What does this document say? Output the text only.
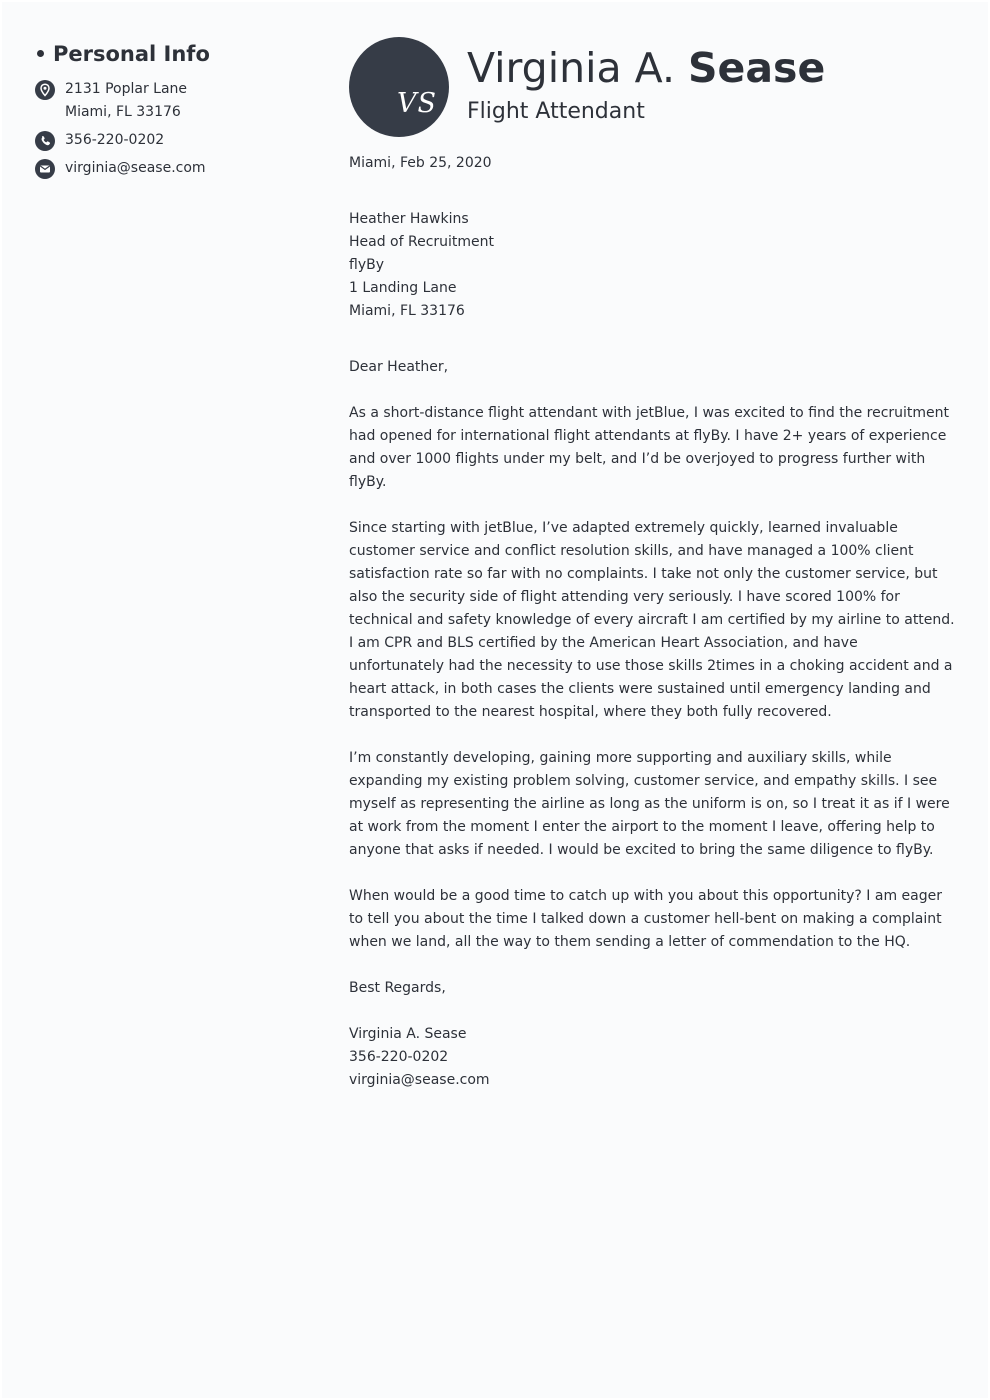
Personal Info
2131 Poplar Lane
Miami, FL 33176
356-220-0202
virginia@sease.com
VS
Virginia A. Sease
Flight Attendant
Miami, Feb 25, 2020
Heather Hawkins
Head of Recruitment
flyBy
1 Landing Lane
Miami, FL 33176
Dear Heather,

As a short-distance flight attendant with jetBlue, I was excited to find the recruitment had opened for international flight attendants at flyBy. I have 2+ years of experience and over 1000 flights under my belt, and I’d be overjoyed to progress further with flyBy.

Since starting with jetBlue, I’ve adapted extremely quickly, learned invaluable customer service and conflict resolution skills, and have managed a 100% client satisfaction rate so far with no complaints. I take not only the customer service, but also the security side of flight attending very seriously. I have scored 100% for technical and safety knowledge of every aircraft I am certified by my airline to attend. I am CPR and BLS certified by the American Heart Association, and have unfortunately had the necessity to use those skills 2times in a choking accident and a heart attack, in both cases the clients were sustained until emergency landing and transported to the nearest hospital, where they both fully recovered.

I’m constantly developing, gaining more supporting and auxiliary skills, while expanding my existing problem solving, customer service, and empathy skills. I see myself as representing the airline as long as the uniform is on, so I treat it as if I were at work from the moment I enter the airport to the moment I leave, offering help to anyone that asks if needed. I would be excited to bring the same diligence to flyBy.

When would be a good time to catch up with you about this opportunity? I am eager to tell you about the time I talked down a customer hell-bent on making a complaint when we land, all the way to them sending a letter of commendation to the HQ.

Best Regards,
Virginia A. Sease
356-220-0202
virginia@sease.com
